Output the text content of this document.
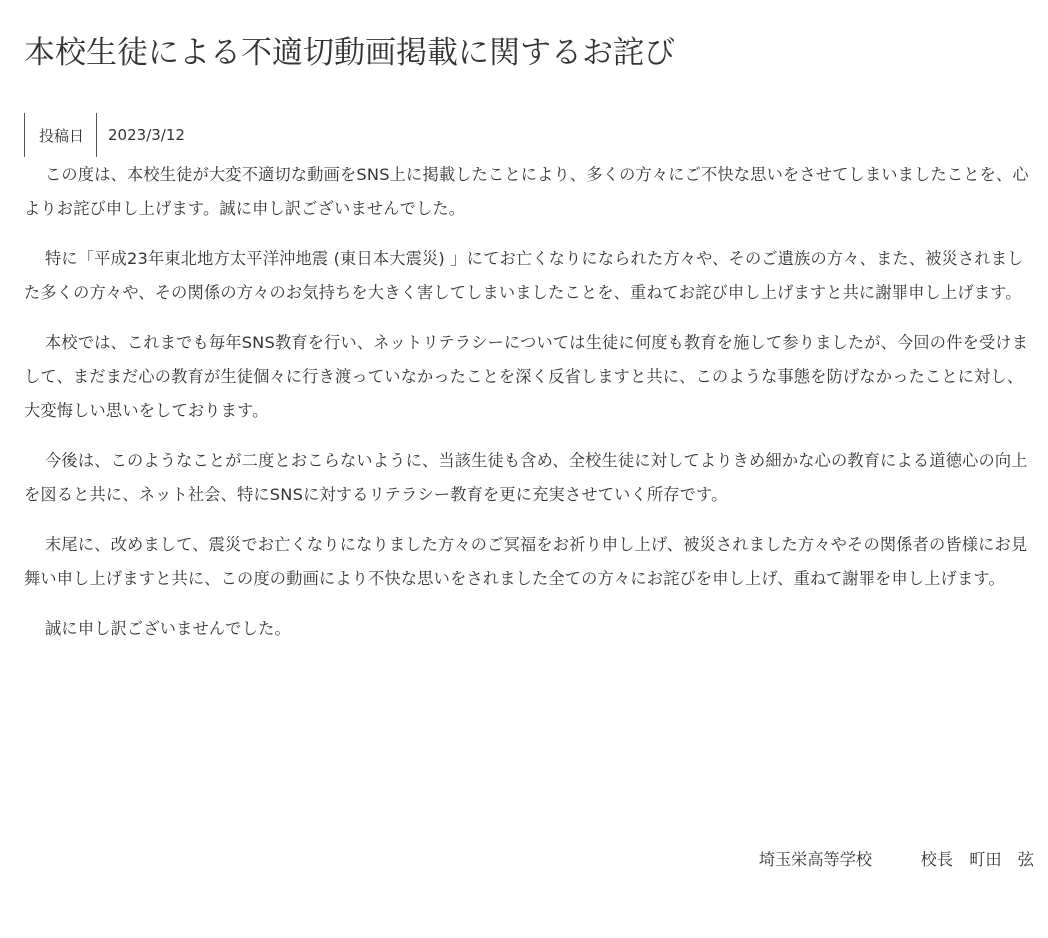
本校生徒による不適切動画掲載に関するお詫び
投稿日	2023/3/12

この度は、本校生徒が大変不適切な動画をSNS上に掲載したことにより、多くの方々にご不快な思いをさせてしまいましたことを、心よりお詫び申し上げます。誠に申し訳ございませんでした。

特に「平成23年東北地方太平洋沖地震 (東日本大震災) 」にてお亡くなりになられた方々や、そのご遺族の方々、また、被災されました多くの方々や、その関係の方々のお気持ちを大きく害してしまいましたことを、重ねてお詫び申し上げますと共に謝罪申し上げます。

本校では、これまでも毎年SNS教育を行い、ネットリテラシーについては生徒に何度も教育を施して参りましたが、今回の件を受けまして、まだまだ心の教育が生徒個々に行き渡っていなかったことを深く反省しますと共に、このような事態を防げなかったことに対し、大変悔しい思いをしております。

今後は、このようなことが二度とおこらないように、当該生徒も含め、全校生徒に対してよりきめ細かな心の教育による道徳心の向上を図ると共に、ネット社会、特にSNSに対するリテラシー教育を更に充実させていく所存です。

末尾に、改めまして、震災でお亡くなりになりました方々のご冥福をお祈り申し上げ、被災されました方々やその関係者の皆様にお見舞い申し上げますと共に、この度の動画により不快な思いをされました全ての方々にお詫びを申し上げ、重ねて謝罪を申し上げます。

誠に申し訳ございませんでした。

埼玉栄高等学校　　　校長　町田　弦
